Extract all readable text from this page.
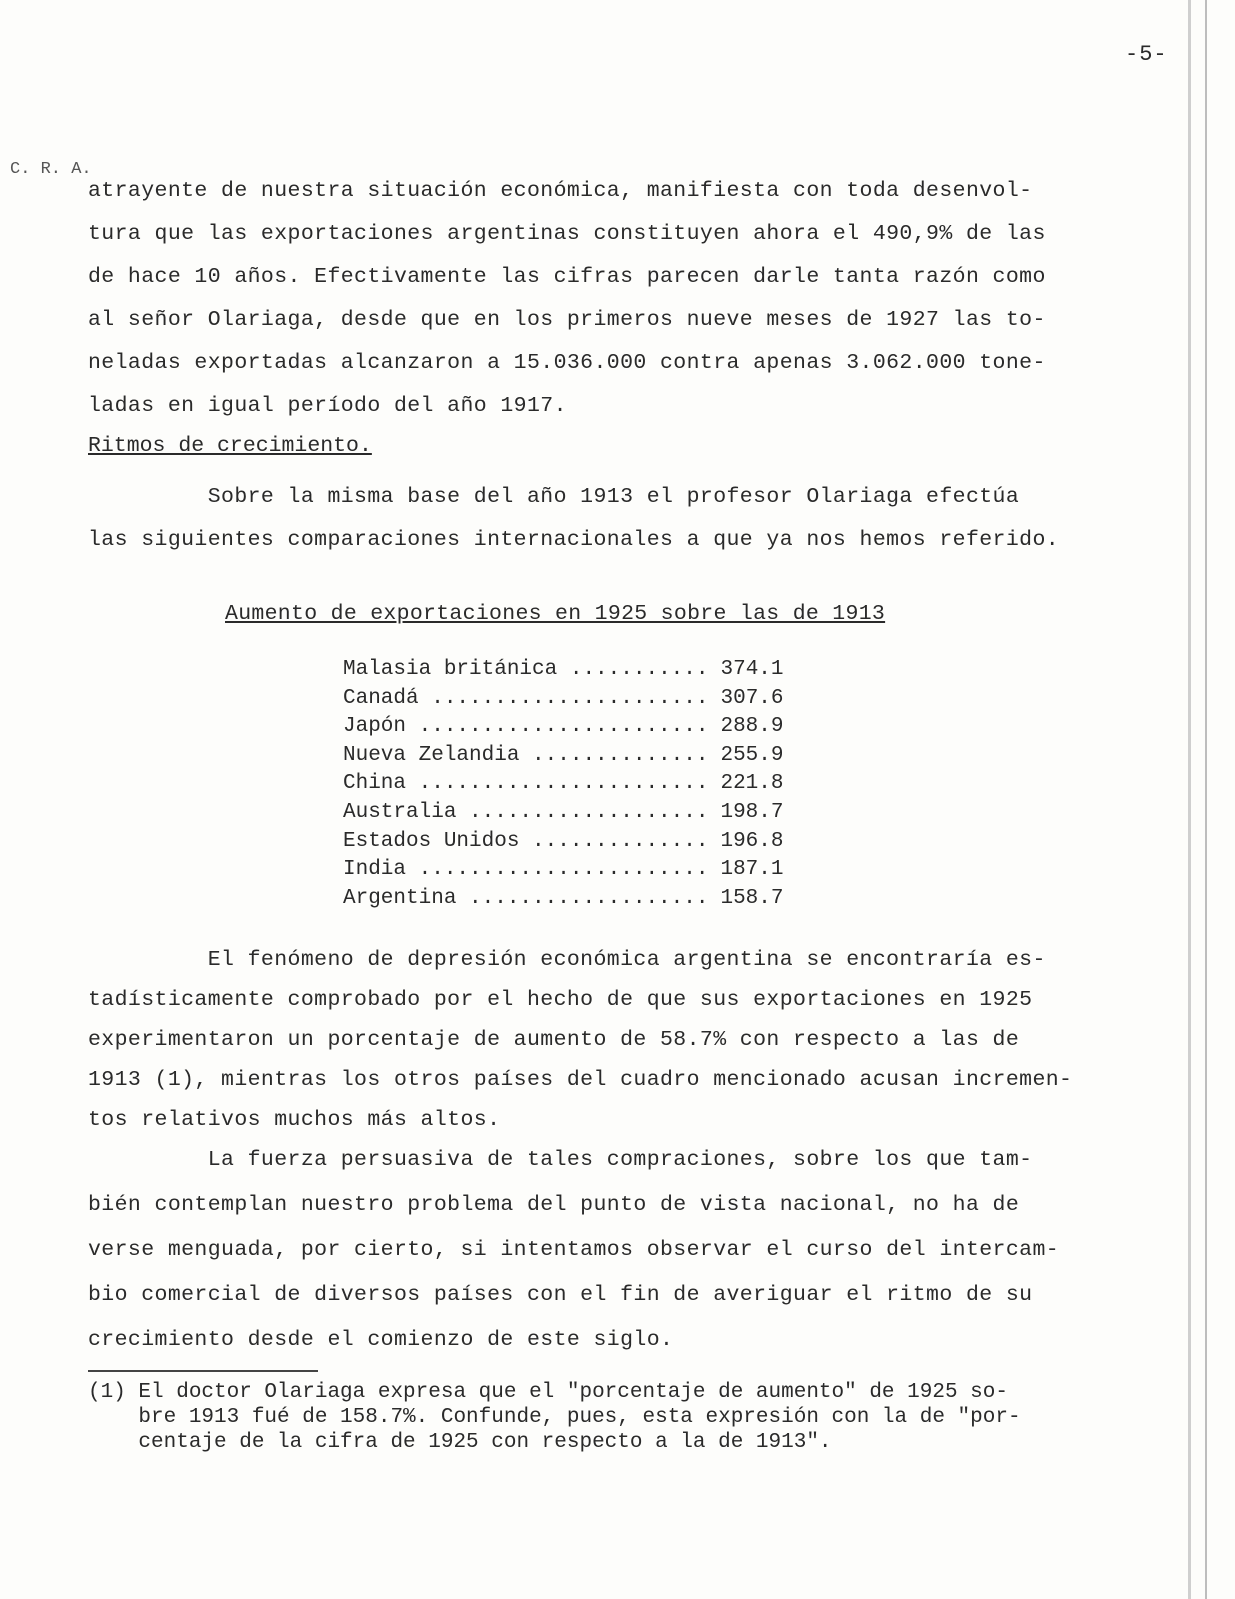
-5-
C. R. A.
atrayente de nuestra situación económica, manifiesta con toda desenvol-
tura que las exportaciones argentinas constituyen ahora el 490,9% de las
de hace 10 años. Efectivamente las cifras parecen darle tanta razón como
al señor Olariaga, desde que en los primeros nueve meses de 1927 las to-
neladas exportadas alcanzaron a 15.036.000 contra apenas 3.062.000 tone-
ladas en igual período del año 1917.
Ritmos de crecimiento.
Sobre la misma base del año 1913 el profesor Olariaga efectúa
las siguientes comparaciones internacionales a que ya nos hemos referido.
Aumento de exportaciones en 1925 sobre las de 1913
Malasia británica ........... 374.1
Canadá ...................... 307.6
Japón ....................... 288.9
Nueva Zelandia .............. 255.9
China ....................... 221.8
Australia ................... 198.7
Estados Unidos .............. 196.8
India ....................... 187.1
Argentina ................... 158.7
El fenómeno de depresión económica argentina se encontraría es-
tadísticamente comprobado por el hecho de que sus exportaciones en 1925
experimentaron un porcentaje de aumento de 58.7% con respecto a las de
1913 (1), mientras los otros países del cuadro mencionado acusan incremen-
tos relativos muchos más altos.
La fuerza persuasiva de tales compraciones, sobre los que tam-
bién contemplan nuestro problema del punto de vista nacional, no ha de
verse menguada, por cierto, si intentamos observar el curso del intercam-
bio comercial de diversos países con el fin de averiguar el ritmo de su
crecimiento desde el comienzo de este siglo.
(1) El doctor Olariaga expresa que el "porcentaje de aumento" de 1925 so-
bre 1913 fué de 158.7%. Confunde, pues, esta expresión con la de "por-
centaje de la cifra de 1925 con respecto a la de 1913".
